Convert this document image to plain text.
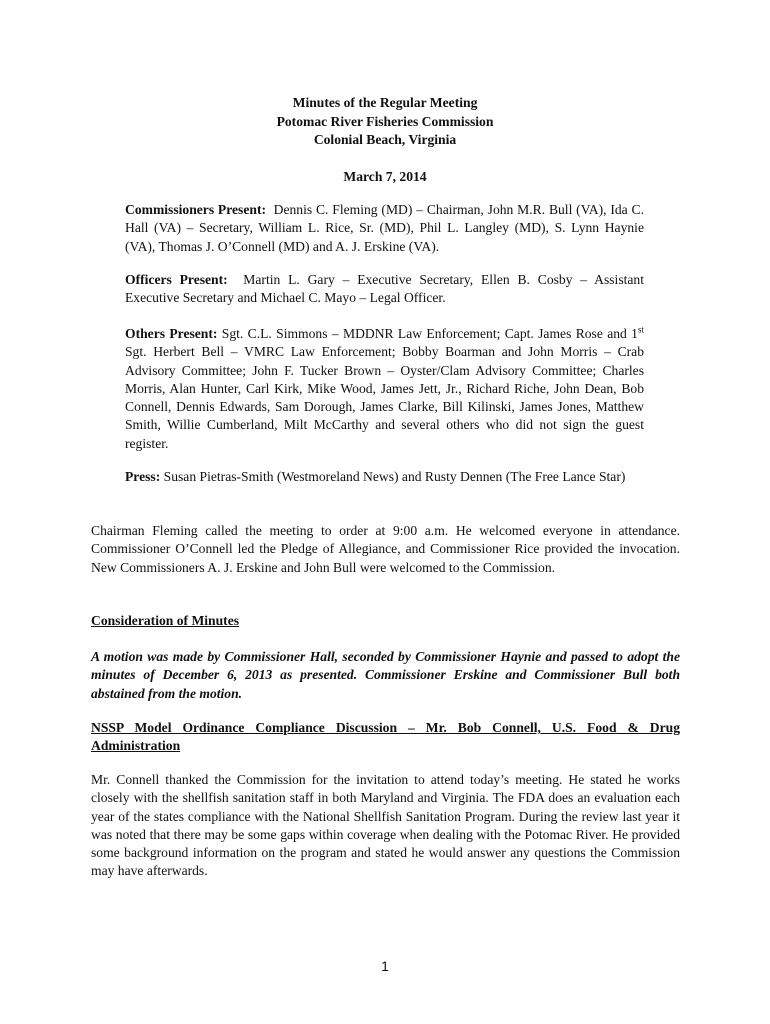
Minutes of the Regular Meeting
Potomac River Fisheries Commission
Colonial Beach, Virginia
March 7, 2014
Commissioners Present: Dennis C. Fleming (MD) – Chairman, John M.R. Bull (VA), Ida C. Hall (VA) – Secretary, William L. Rice, Sr. (MD), Phil L. Langley (MD), S. Lynn Haynie (VA), Thomas J. O’Connell (MD) and A. J. Erskine (VA).
Officers Present: Martin L. Gary – Executive Secretary, Ellen B. Cosby – Assistant Executive Secretary and Michael C. Mayo – Legal Officer.
Others Present: Sgt. C.L. Simmons – MDDNR Law Enforcement; Capt. James Rose and 1st Sgt. Herbert Bell – VMRC Law Enforcement; Bobby Boarman and John Morris – Crab Advisory Committee; John F. Tucker Brown – Oyster/Clam Advisory Committee; Charles Morris, Alan Hunter, Carl Kirk, Mike Wood, James Jett, Jr., Richard Riche, John Dean, Bob Connell, Dennis Edwards, Sam Dorough, James Clarke, Bill Kilinski, James Jones, Matthew Smith, Willie Cumberland, Milt McCarthy and several others who did not sign the guest register.
Press: Susan Pietras-Smith (Westmoreland News) and Rusty Dennen (The Free Lance Star)
Chairman Fleming called the meeting to order at 9:00 a.m. He welcomed everyone in attendance. Commissioner O’Connell led the Pledge of Allegiance, and Commissioner Rice provided the invocation. New Commissioners A. J. Erskine and John Bull were welcomed to the Commission.
Consideration of Minutes
A motion was made by Commissioner Hall, seconded by Commissioner Haynie and passed to adopt the minutes of December 6, 2013 as presented. Commissioner Erskine and Commissioner Bull both abstained from the motion.
NSSP Model Ordinance Compliance Discussion – Mr. Bob Connell, U.S. Food & Drug Administration
Mr. Connell thanked the Commission for the invitation to attend today’s meeting. He stated he works closely with the shellfish sanitation staff in both Maryland and Virginia. The FDA does an evaluation each year of the states compliance with the National Shellfish Sanitation Program. During the review last year it was noted that there may be some gaps within coverage when dealing with the Potomac River. He provided some background information on the program and stated he would answer any questions the Commission may have afterwards.
1
